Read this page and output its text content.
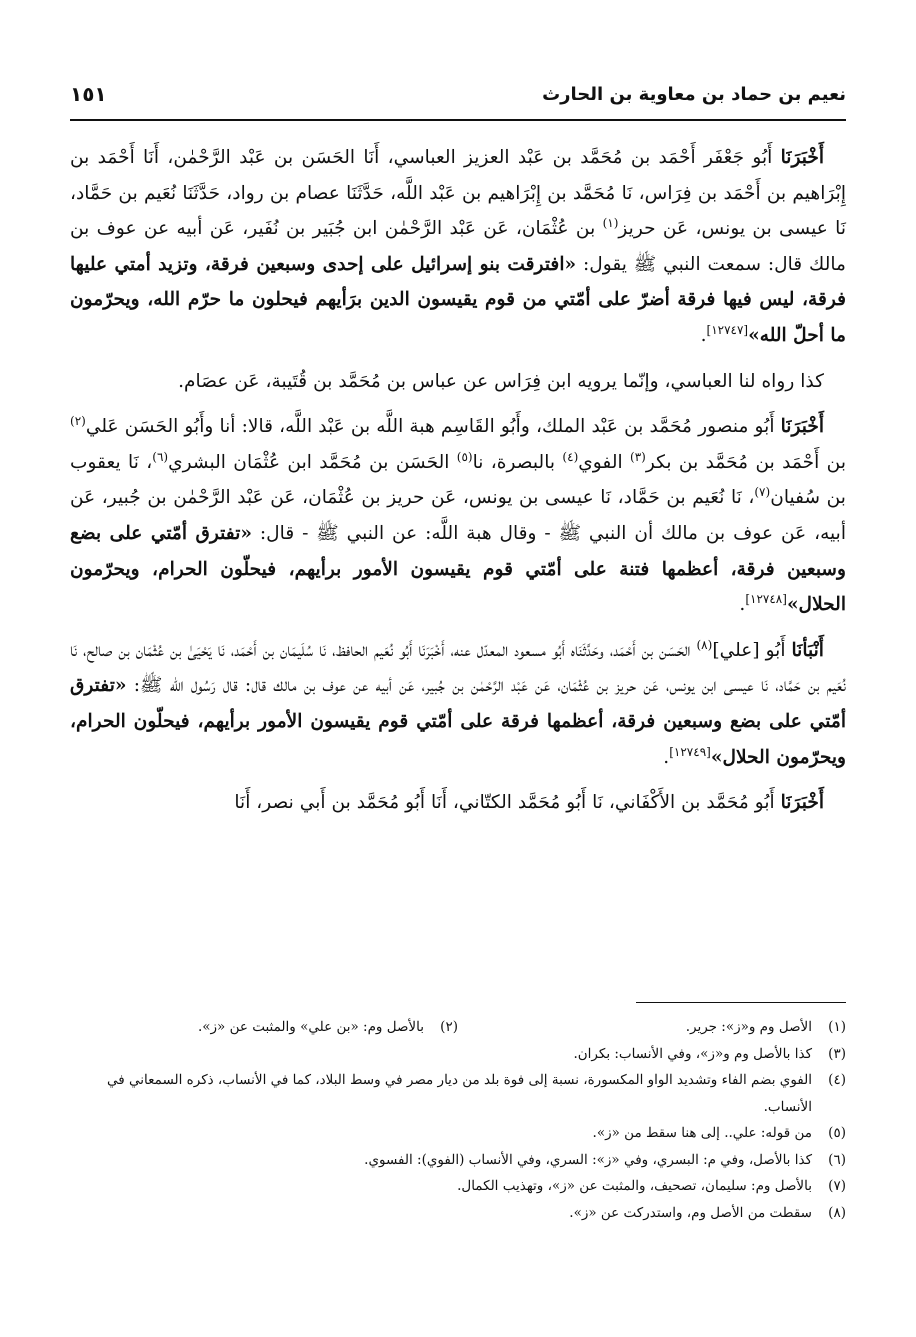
نعيم بن حماد بن معاوية بن الحارث
١٥١

أَخْبَرَنَا أَبُو جَعْفَر أَحْمَد بن مُحَمَّد بن عَبْد العزيز العباسي، أَنَا الحَسَن بن عَبْد الرَّحْمٰن، أَنَا أَحْمَد بن إِبْرَاهيم بن أَحْمَد بن فِرَاس، نَا مُحَمَّد بن إِبْرَاهيم بن عَبْد اللَّه، حَدَّثَنَا عصام بن رواد، حَدَّثَنَا نُعَيم بن حَمَّاد، نَا عيسى بن يونس، عَن حريز$^{(١)}$ بن عُثْمَان، عَن عَبْد الرَّحْمٰن ابن جُبَير بن نُفَير، عَن أبيه عن عوف بن مالك قال: سمعت النبي ﷺ يقول: «افترقت بنو إسرائيل على إحدى وسبعين فرقة، وتزيد أمتي عليها فرقة، ليس فيها فرقة أضرّ على أمّتي من قوم يقيسون الدين برَأيهم فيحلون ما حرّم الله، ويحرّمون ما أحلّ الله»[١٢٧٤٧].

كذا رواه لنا العباسي، وإنّما يرويه ابن فِرَاس عن عباس بن مُحَمَّد بن قُتَيبة، عَن عصَام.

أَخْبَرَنَا أَبُو منصور مُحَمَّد بن عَبْد الملك، وأَبُو القَاسِم هبة اللَّه بن عَبْد اللَّه، قالا: أنا وأَبُو الحَسَن عَلي$^{(٢)}$ بن أَحْمَد بن مُحَمَّد بن بكر$^{(٣)}$ الفوي$^{(٤)}$ بالبصرة، نا$^{(٥)}$ الحَسَن بن مُحَمَّد ابن عُثْمَان البشري$^{(٦)}$، نَا يعقوب بن سُفيان$^{(٧)}$، نَا نُعَيم بن حَمَّاد، نَا عيسى بن يونس، عَن حريز بن عُثْمَان، عَن عَبْد الرَّحْمٰن بن جُبير، عَن أبيه، عَن عوف بن مالك أن النبي ﷺ - وقال هبة اللَّه: عن النبي ﷺ - قال: «تفترق أمّتي على بضع وسبعين فرقة، أعظمها فتنة على أمّتي قوم يقيسون الأمور برأيهم، فيحلّون الحرام، ويحرّمون الحلال»[١٢٧٤٨].

أَنْبَأنَا أَبُو [علي]$^{(٨)}$ الحَسَن بن أَحْمَد، وحَدَّثَنَاه أَبُو مسعود المعدّل عنه، أَخْبَرَنَا أَبُو نُعَيم الحافظ، نَا سُلَيمَان بن أَحْمَد، نَا يَحْيَىٰ بن عُثْمَان بن صالح، نَا نُعَيم بن حَمَّاد، نَا عيسى ابن يونس، عَن حريز بن عُثْمَان، عَن عَبْد الرَّحْمٰن بن جُبير، عَن أبيه عن عوف بن مالك قال: قال رَسُول الله ﷺ: «تفترق أمّتي على بضع وسبعين فرقة، أعظمها فرقة على أمّتي قوم يقيسون الأمور برأيهم، فيحلّون الحرام، ويحرّمون الحلال»[١٢٧٤٩].

أَخْبَرَنَا أَبُو مُحَمَّد بن الأَكْفَاني، نَا أَبُو مُحَمَّد الكتّاني، أَنَا أَبُو مُحَمَّد بن أَبي نصر، أَنَا

(١)
الأصل وم و«ز»: جرير.
(٢)
بالأصل وم: «بن علي» والمثبت عن «ز».
(٣)
كذا بالأصل وم و«ز»، وفي الأنساب: بكران.
(٤)
الفوي بضم الفاء وتشديد الواو المكسورة، نسبة إلى فوة بلد من ديار مصر في وسط البلاد، كما في الأنساب، ذكره السمعاني في الأنساب.
(٥)
من قوله: علي.. إلى هنا سقط من «ز».
(٦)
كذا بالأصل، وفي م: البسري، وفي «ز»: السري، وفي الأنساب (الفوي): الفسوي.
(٧)
بالأصل وم: سليمان، تصحيف، والمثبت عن «ز»، وتهذيب الكمال.
(٨)
سقطت من الأصل وم، واستدركت عن «ز».
